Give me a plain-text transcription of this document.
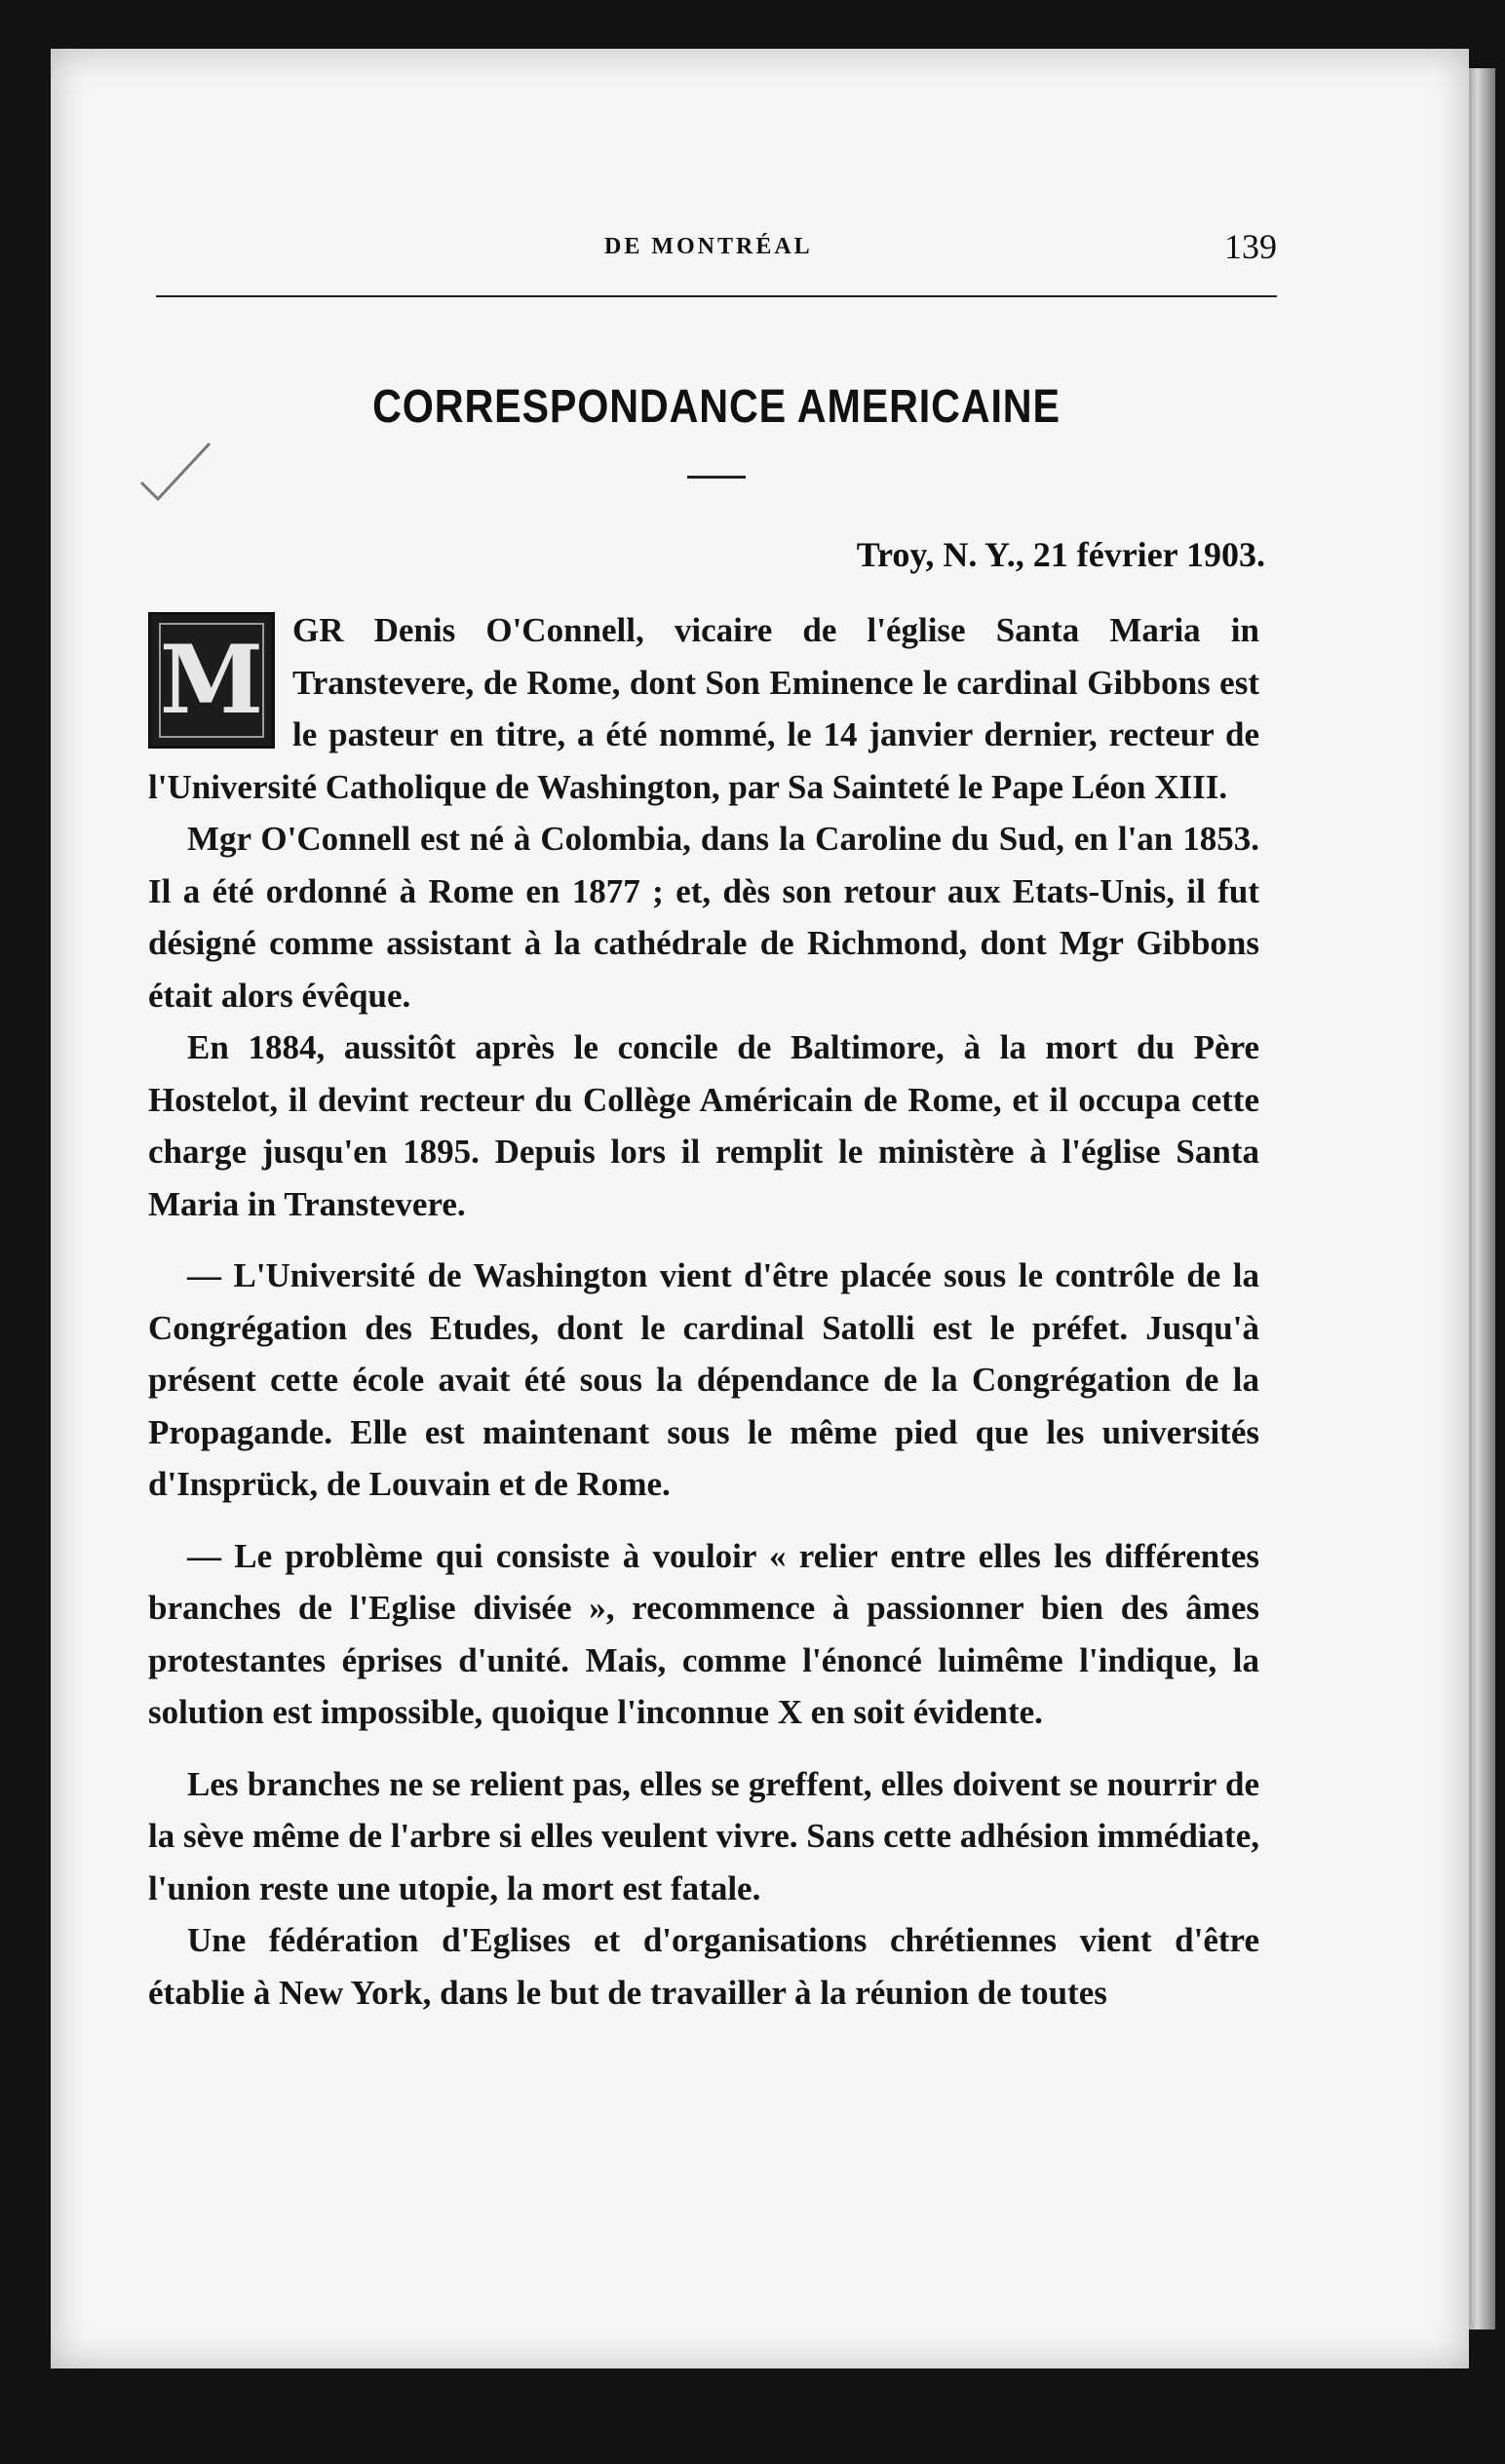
DE MONTRÉAL	139
CORRESPONDANCE AMERICAINE
Troy, N. Y., 21 février 1903.

M GR Denis O'Connell, vicaire de l'église Santa Maria in Transtevere, de Rome, dont Son Eminence le cardinal Gibbons est le pasteur en titre, a été nommé, le 14 janvier dernier, recteur de l'Université Catholique de Washington, par Sa Sainteté le Pape Léon XIII.

Mgr O'Connell est né à Colombia, dans la Caroline du Sud, en l'an 1853. Il a été ordonné à Rome en 1877 ; et, dès son retour aux Etats-Unis, il fut désigné comme assistant à la cathédrale de Richmond, dont Mgr Gibbons était alors évêque.

En 1884, aussitôt après le concile de Baltimore, à la mort du Père Hostelot, il devint recteur du Collège Américain de Rome, et il occupa cette charge jusqu'en 1895. Depuis lors il remplit le ministère à l'église Santa Maria in Transtevere.

— L'Université de Washington vient d'être placée sous le contrôle de la Congrégation des Etudes, dont le cardinal Satolli est le préfet. Jusqu'à présent cette école avait été sous la dépendance de la Congrégation de la Propagande. Elle est maintenant sous le même pied que les universités d'Insprück, de Louvain et de Rome.

— Le problème qui consiste à vouloir « relier entre elles les différentes branches de l'Eglise divisée », recommence à passionner bien des âmes protestantes éprises d'unité. Mais, comme l'énoncé luimême l'indique, la solution est impossible, quoique l'inconnue X en soit évidente.

Les branches ne se relient pas, elles se greffent, elles doivent se nourrir de la sève même de l'arbre si elles veulent vivre. Sans cette adhésion immédiate, l'union reste une utopie, la mort est fatale.

Une fédération d'Eglises et d'organisations chrétiennes vient d'être établie à New York, dans le but de travailler à la réunion de toutes
